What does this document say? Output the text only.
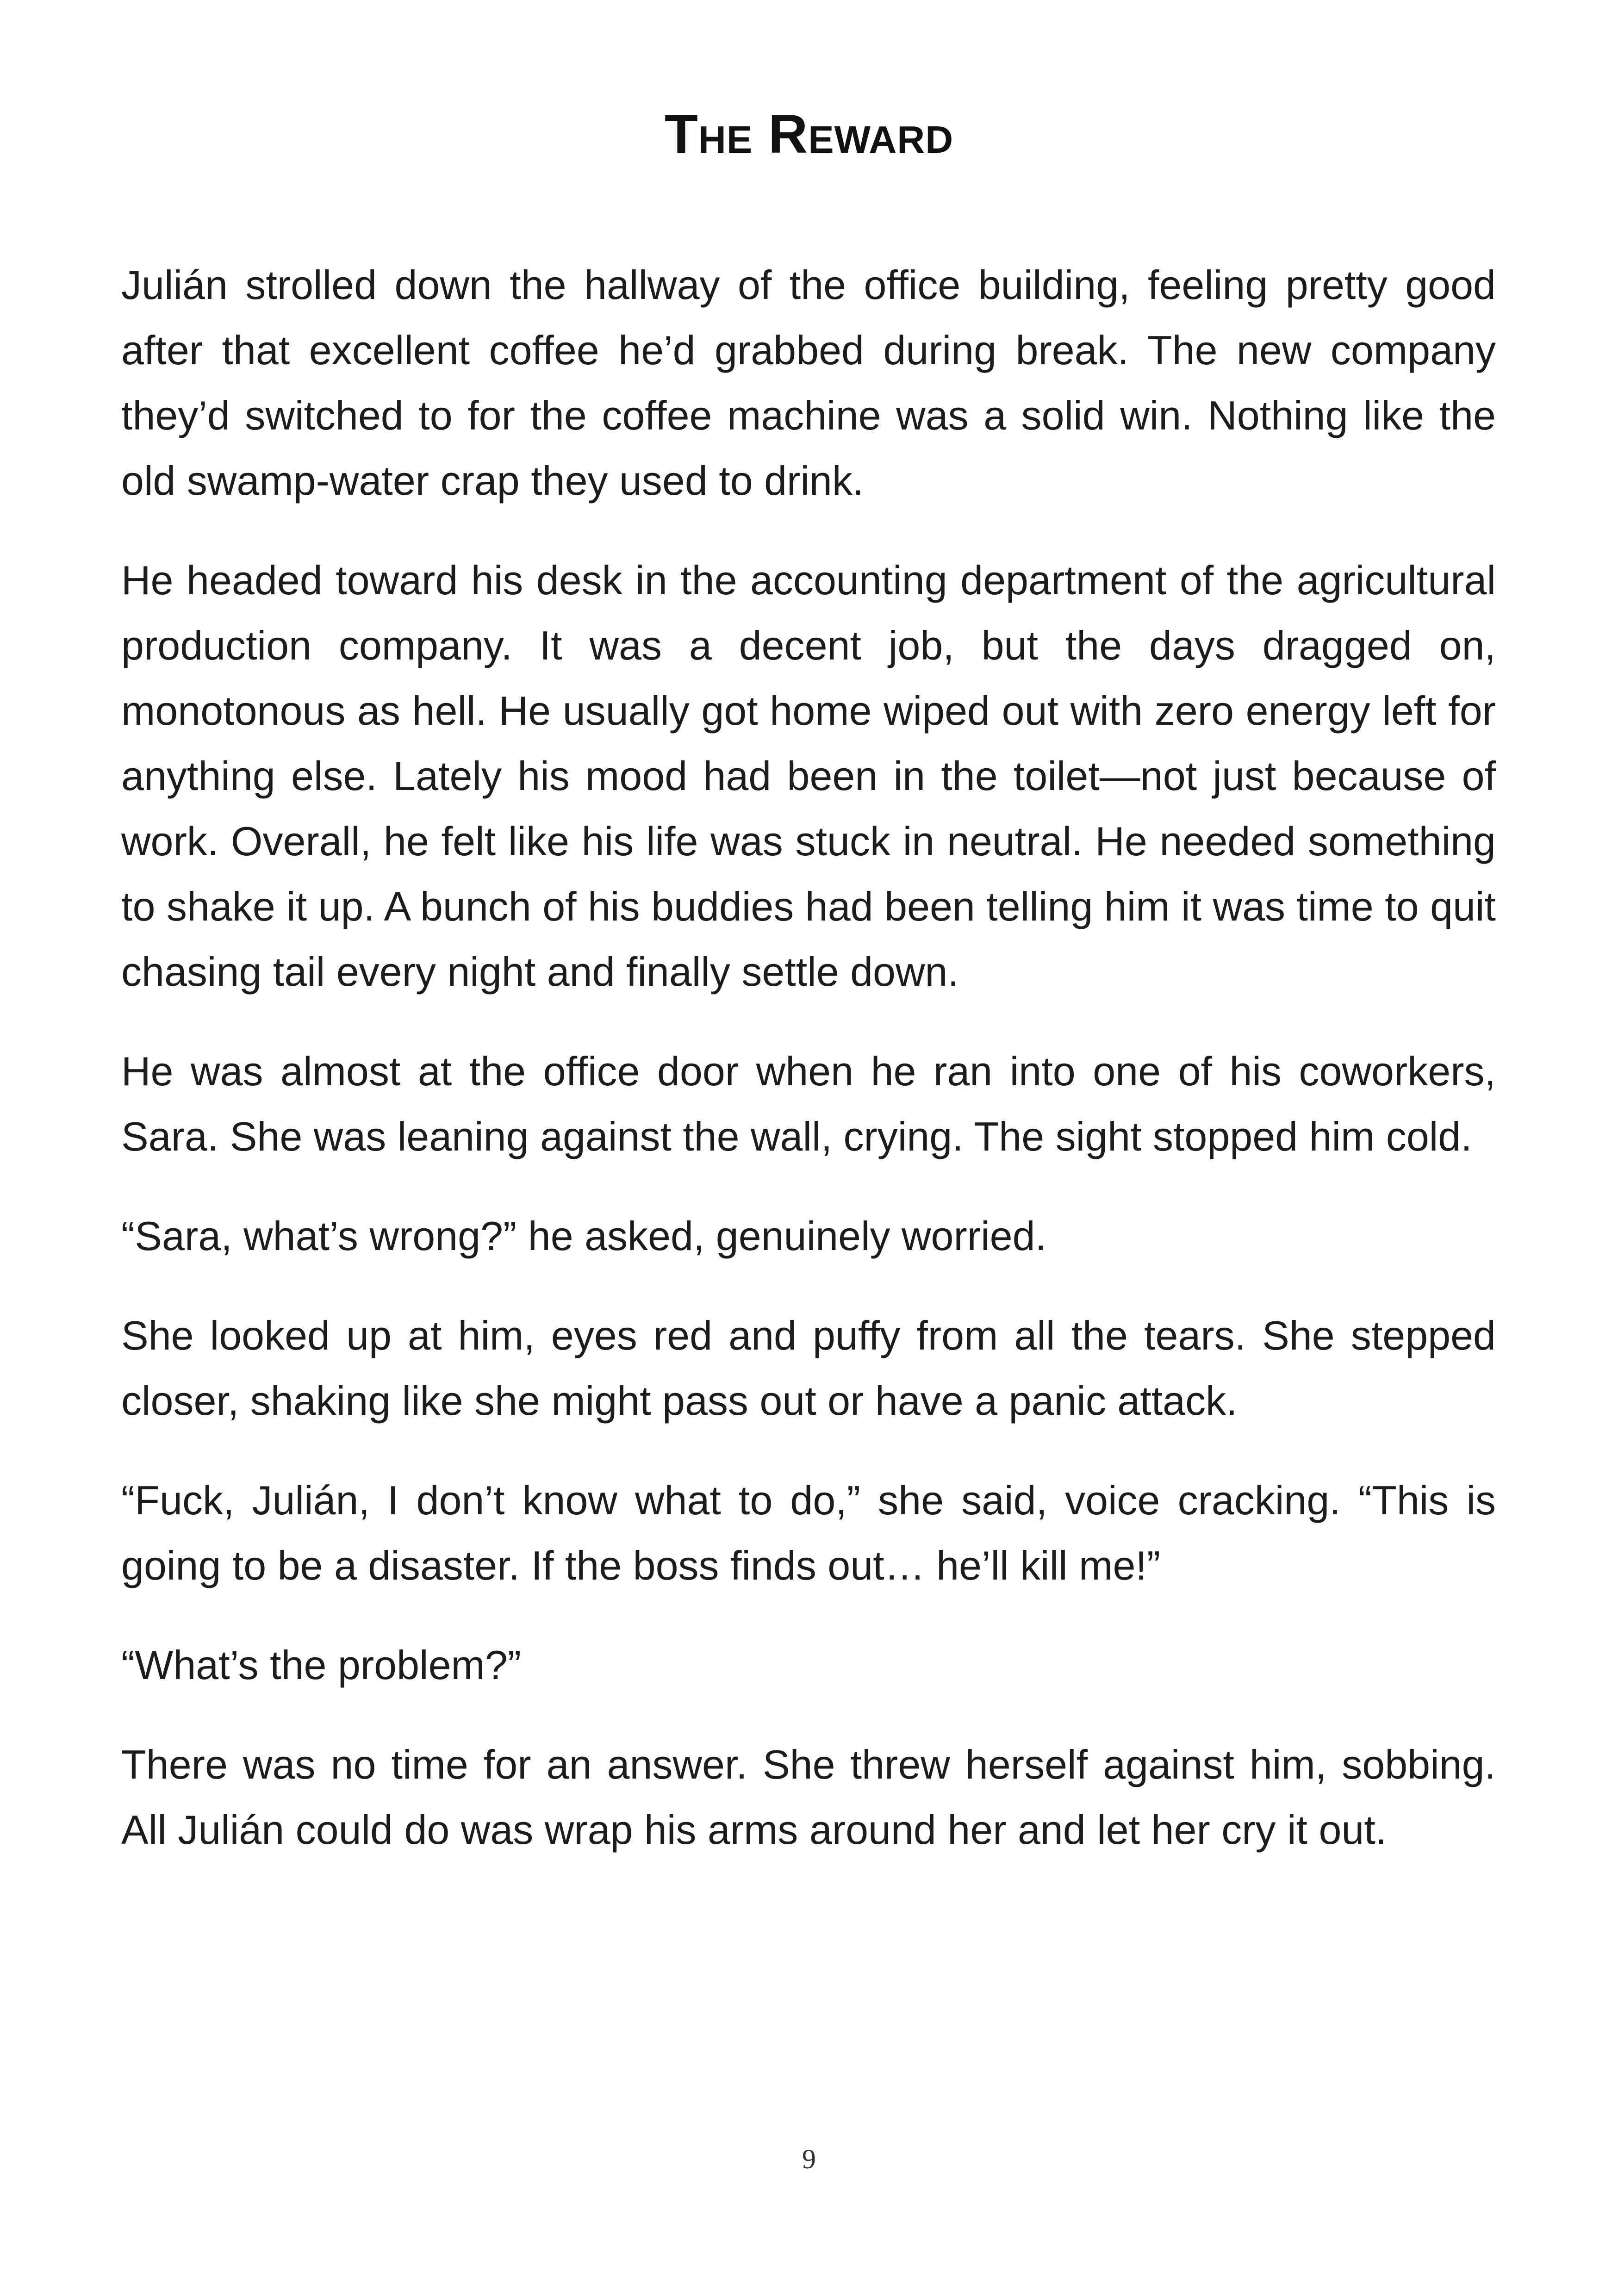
The Reward

Julián strolled down the hallway of the office building, feeling pretty good after that excellent coffee he’d grabbed during break. The new company they’d switched to for the coffee machine was a solid win. Nothing like the old swamp-water crap they used to drink.

He headed toward his desk in the accounting department of the agricultural production company. It was a decent job, but the days dragged on, monotonous as hell. He usually got home wiped out with zero energy left for anything else. Lately his mood had been in the toilet—not just because of work. Overall, he felt like his life was stuck in neutral. He needed something to shake it up. A bunch of his buddies had been telling him it was time to quit chasing tail every night and finally settle down.

He was almost at the office door when he ran into one of his coworkers, Sara. She was leaning against the wall, crying. The sight stopped him cold.

“Sara, what’s wrong?” he asked, genuinely worried.

She looked up at him, eyes red and puffy from all the tears. She stepped closer, shaking like she might pass out or have a panic attack.

“Fuck, Julián, I don’t know what to do,” she said, voice cracking. “This is going to be a disaster. If the boss finds out… he’ll kill me!”

“What’s the problem?”

There was no time for an answer. She threw herself against him, sobbing. All Julián could do was wrap his arms around her and let her cry it out.

9
